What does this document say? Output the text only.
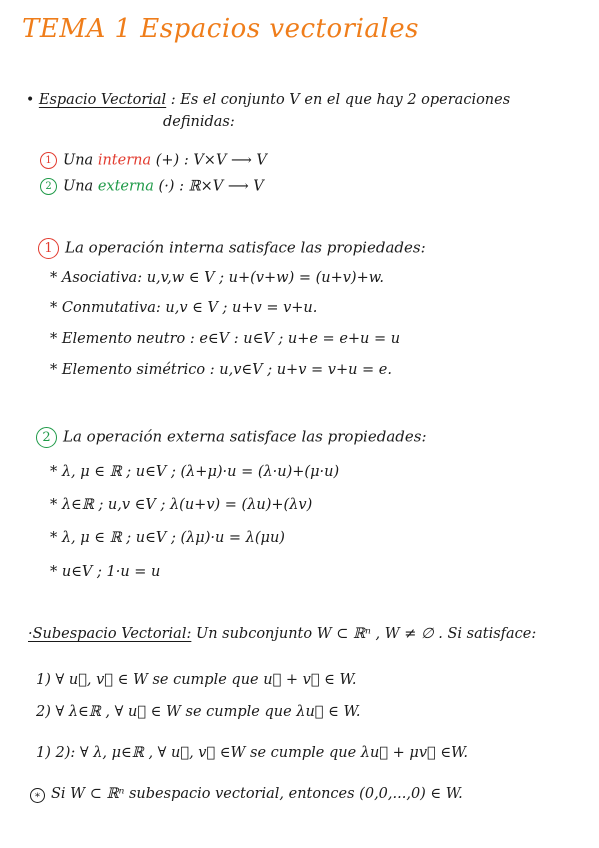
TEMA 1 Espacios vectoriales
• Espacio Vectorial : Es el conjunto V en el que hay 2 operaciones
definidas:
1 Una interna (+) : V×V ⟶ V
2 Una externa (·) : ℝ×V ⟶ V
1 La operación interna satisface las propiedades:
* Asociativa: u,v,w ∈ V ; u+(v+w) = (u+v)+w.
* Conmutativa: u,v ∈ V ; u+v = v+u.
* Elemento neutro : e∈V : u∈V ; u+e = e+u = u
* Elemento simétrico : u,v∈V ; u+v = v+u = e.
2 La operación externa satisface las propiedades:
* λ, μ ∈ ℝ ; u∈V ; (λ+μ)·u = (λ·u)+(μ·u)
* λ∈ℝ ; u,v ∈V ; λ(u+v) = (λu)+(λv)
* λ, μ ∈ ℝ ; u∈V ; (λμ)·u = λ(μu)
* u∈V ; 1·u = u
·Subespacio Vectorial: Un subconjunto W ⊂ ℝⁿ , W ≠ ∅ . Si satisface:
1) ∀ u⃗, v⃗ ∈ W se cumple que u⃗ + v⃗ ∈ W.
2) ∀ λ∈ℝ , ∀ u⃗ ∈ W se cumple que λu⃗ ∈ W.
1) 2): ∀ λ, μ∈ℝ , ∀ u⃗, v⃗ ∈W se cumple que λu⃗ + μv⃗ ∈W.
∗ Si W ⊂ ℝⁿ subespacio vectorial, entonces (0,0,...,0) ∈ W.
